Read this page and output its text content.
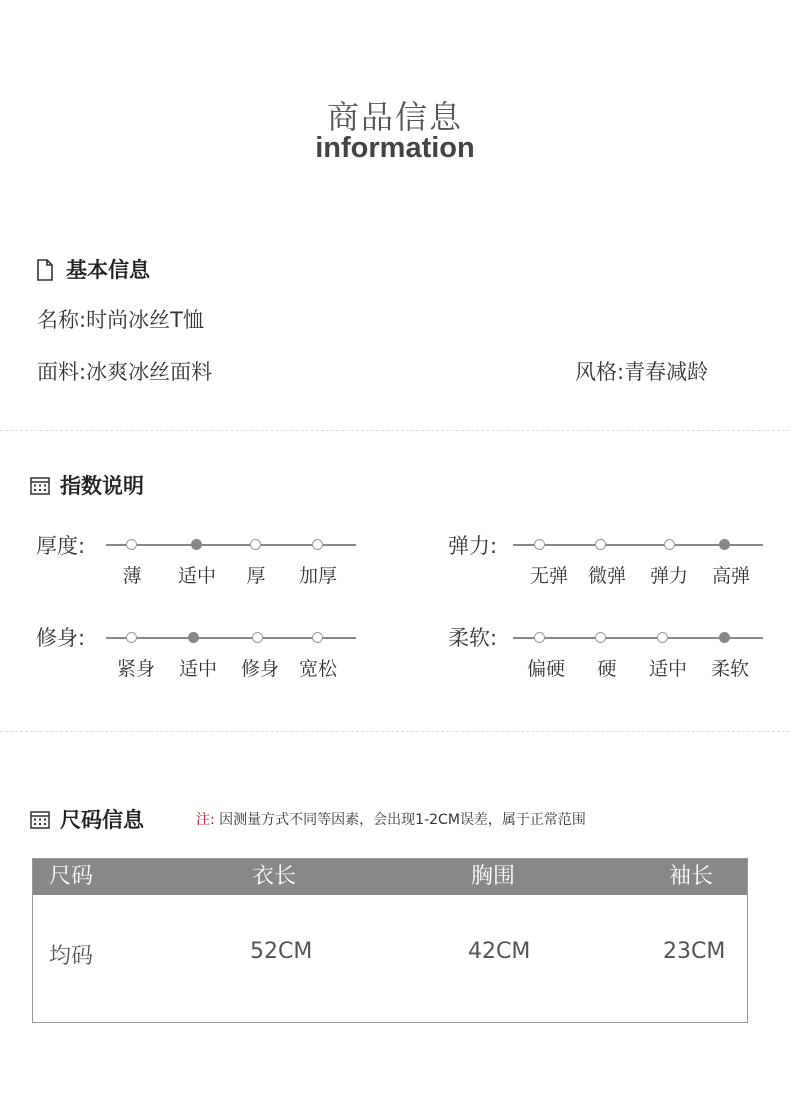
商品信息
information
基本信息
名称:时尚冰丝T恤
面料:冰爽冰丝面料	风格:青春减龄
指数说明
厚度:
薄	适中	厚	加厚
弹力:
无弹	微弹	弹力	高弹
修身:
紧身	适中	修身	宽松
柔软:
偏硬	硬	适中	柔软
尺码信息	注: 因测量方式不同等因素，会出现1-2CM误差，属于正常范围
尺码	衣长	胸围	袖长
均码	52CM	42CM	23CM
